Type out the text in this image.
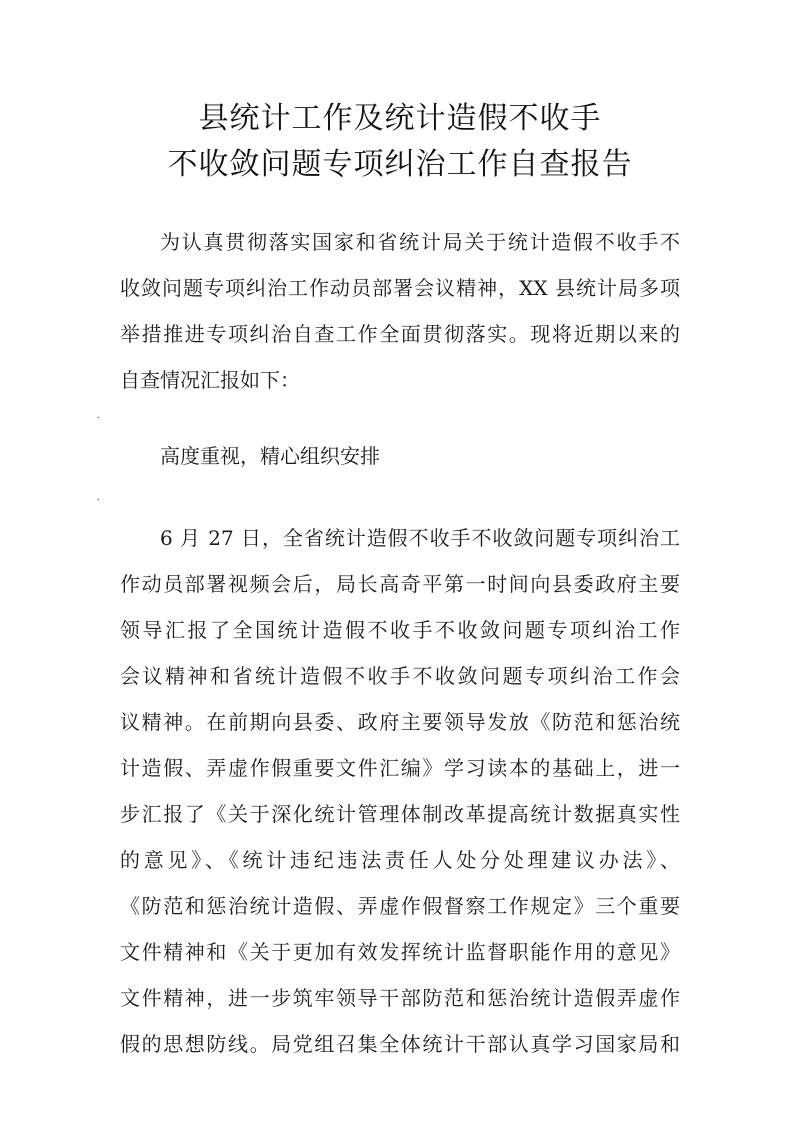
县统计工作及统计造假不收手
不收敛问题专项纠治工作自查报告
为认真贯彻落实国家和省统计局关于统计造假不收手不
收敛问题专项纠治工作动员部署会议精神，XX 县统计局多项
举措推进专项纠治自查工作全面贯彻落实。现将近期以来的
自查情况汇报如下：
.
高度重视，精心组织安排
.
6 月 27 日，全省统计造假不收手不收敛问题专项纠治工
作动员部署视频会后，局长高奇平第一时间向县委政府主要
领导汇报了全国统计造假不收手不收敛问题专项纠治工作
会议精神和省统计造假不收手不收敛问题专项纠治工作会
议精神。在前期向县委、政府主要领导发放《防范和惩治统
计造假、弄虚作假重要文件汇编》学习读本的基础上，进一
步汇报了《关于深化统计管理体制改革提高统计数据真实性
的意见》、《统计违纪违法责任人处分处理建议办法》、
《防范和惩治统计造假、弄虚作假督察工作规定》三个重要
文件精神和《关于更加有效发挥统计监督职能作用的意见》
文件精神，进一步筑牢领导干部防范和惩治统计造假弄虚作
假的思想防线。局党组召集全体统计干部认真学习国家局和
